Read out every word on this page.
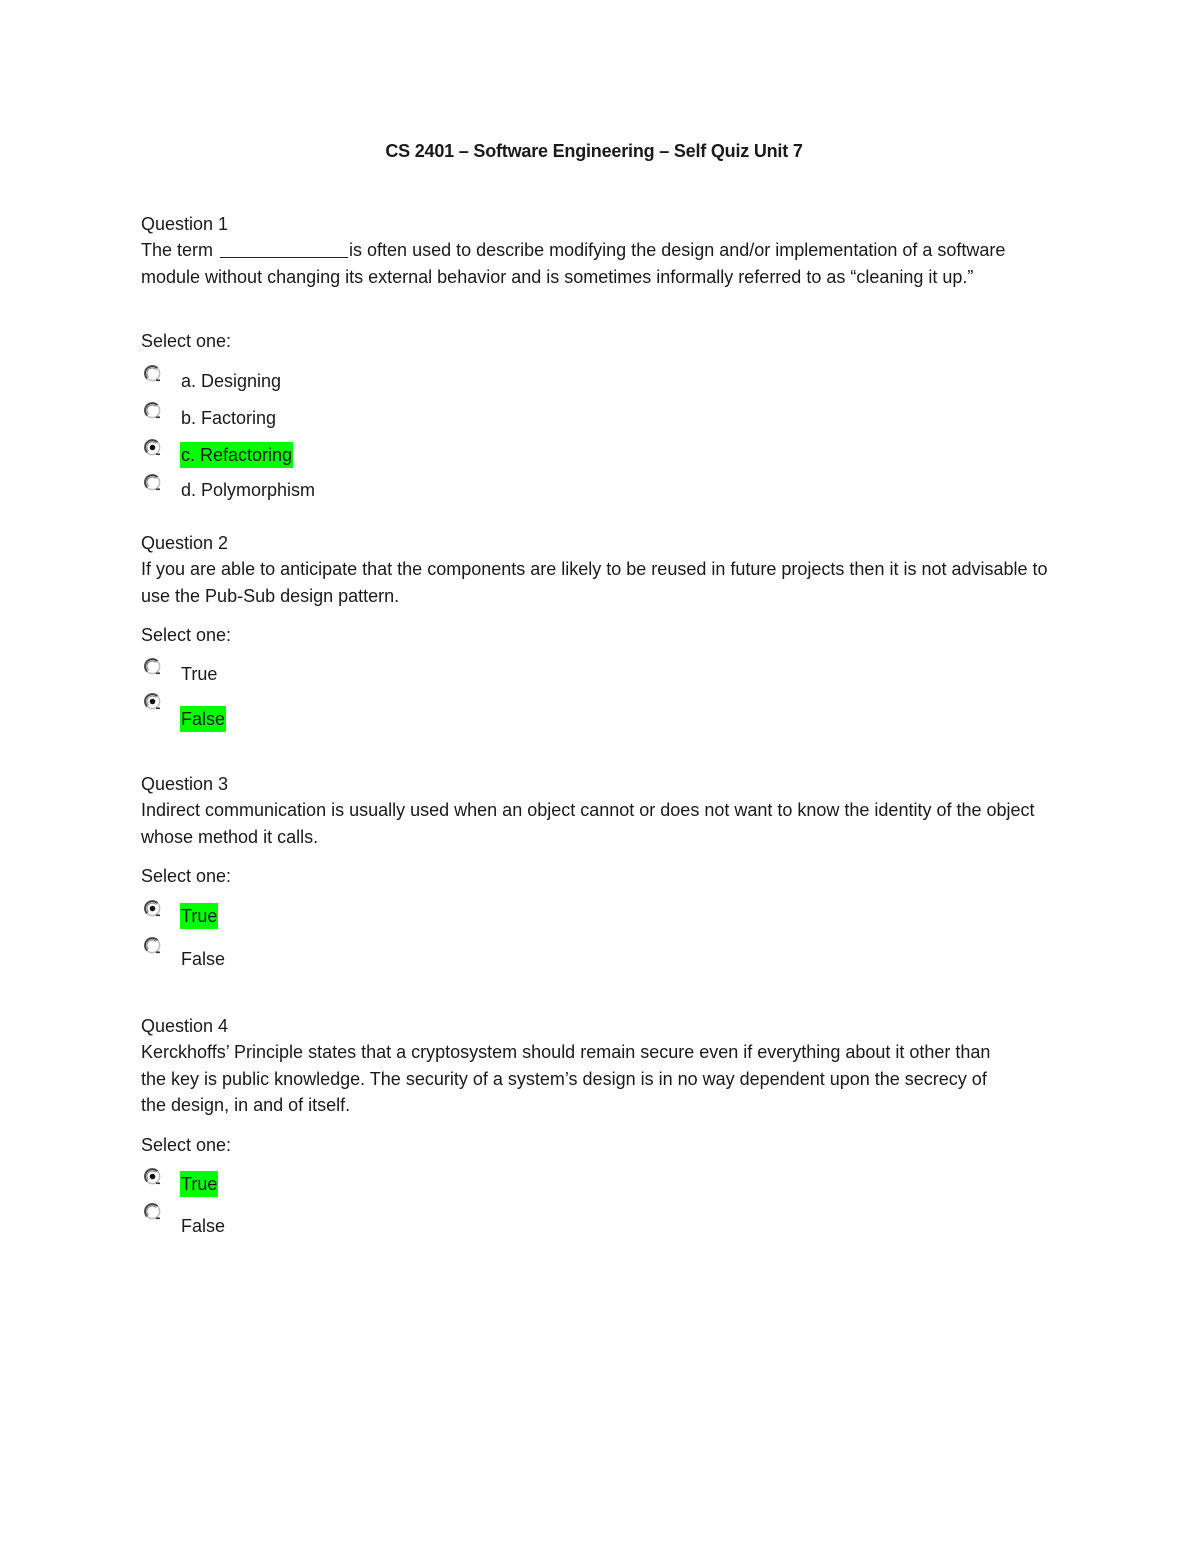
CS 2401 – Software Engineering – Self Quiz Unit 7
Question 1
The term	is often used to describe modifying the design and/or implementation of a software module without changing its external behavior and is sometimes informally referred to as “cleaning it up.”
Select one:
a. Designing
b. Factoring
c. Refactoring
d. Polymorphism
Question 2
If you are able to anticipate that the components are likely to be reused in future projects then it is not advisable to use the Pub-Sub design pattern.
Select one:
True
False
Question 3
Indirect communication is usually used when an object cannot or does not want to know the identity of the object whose method it calls.
Select one:
True
False
Question 4
Kerckhoffs’ Principle states that a cryptosystem should remain secure even if everything about it other than the key is public knowledge. The security of a system’s design is in no way dependent upon the secrecy of the design, in and of itself.
Select one:
True
False
